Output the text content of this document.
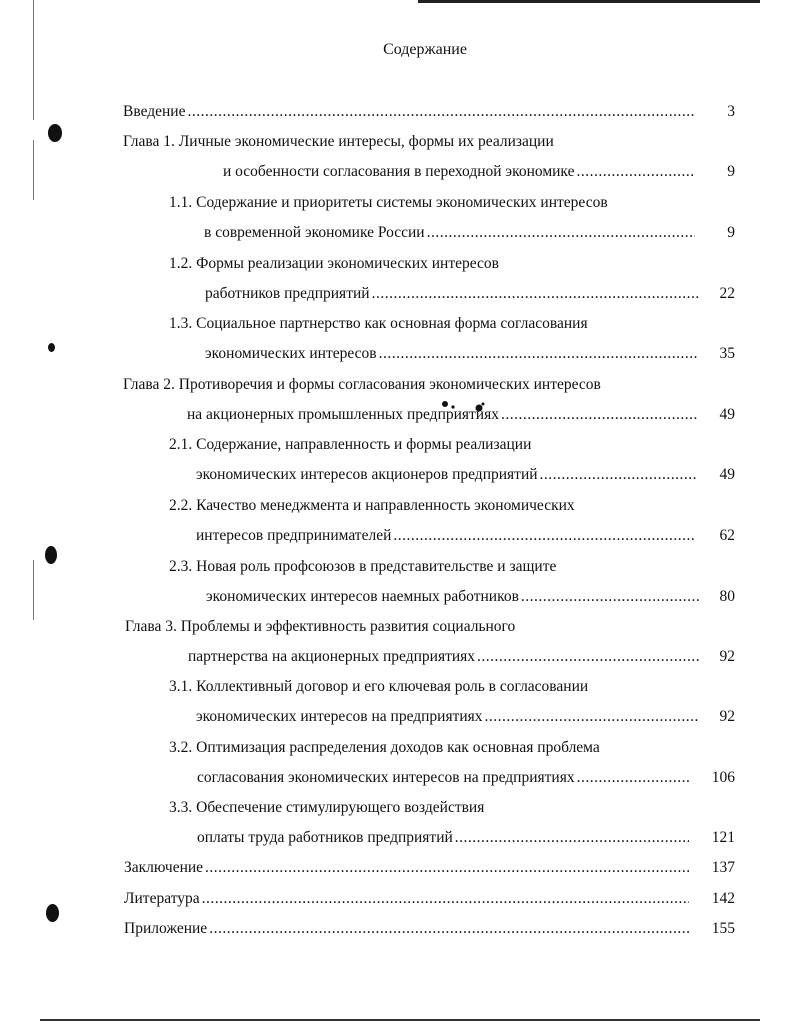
Содержание
Введение .....	3
Глава 1. Личные экономические интересы, формы их реализации
и особенности согласования в переходной экономике .....	9
1.1. Содержание и приоритеты системы экономических интересов
в современной экономике России .....	9
1.2. Формы реализации экономических интересов
работников предприятий .....	22
1.3. Социальное партнерство как основная форма согласования
экономических интересов .....	35
Глава 2. Противоречия и формы согласования экономических интересов
на акционерных промышленных предприятиях .....	49
2.1. Содержание, направленность и формы реализации
экономических интересов акционеров предприятий .....	49
2.2. Качество менеджмента и направленность экономических
интересов предпринимателей .....	62
2.3. Новая роль профсоюзов в представительстве и защите
экономических интересов наемных работников .....	80
Глава 3. Проблемы и эффективность развития социального
партнерства на акционерных предприятиях .....	92
3.1. Коллективный договор и его ключевая роль в согласовании
экономических интересов на предприятиях .....	92
3.2. Оптимизация распределения доходов как основная проблема
согласования экономических интересов на предприятиях .....	106
3.3. Обеспечение стимулирующего воздействия
оплаты труда работников предприятий .....	121
Заключение .....	137
Литература .....	142
Приложение .....	155
